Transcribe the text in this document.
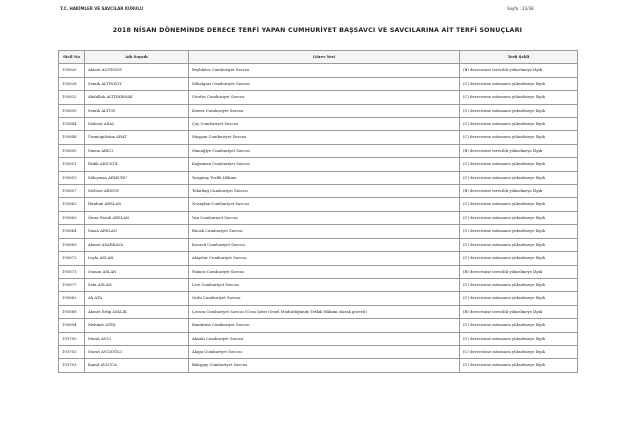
T.C. HAKİMLER VE SAVCILAR KURULU	Sayfa : 22/38
2018 NİSAN DÖNEMİNDE DERECE TERFİ YAPAN CUMHURİYET BAŞSAVCI VE SAVCILARINA AİT TERFİ SONUÇLARI
Sicil No	Adı Soyadı	Görev Yeri	Terfi Şekli
193620	Ahmet ALTINSOY	Beyliköva Cumhuriyet Savcısı	(B) derecesine terecihli yükselmeye lâyık
193628	Semih ALTINSOY	Mihalgazi Cumhuriyet Savcısı	(C) derecesine müsmaen yükselmeye lâyık
193632	Abdullah ALTIPARMAK	Gördes Cumhuriyet Savcısı	(C) derecesine müsmaen yükselmeye lâyık
193639	Semih ALTUN	Kemer Cumhuriyet Savcısı	(C) derecesine müsmaen yükselmeye lâyık
193644	Mahsut ARAL	Çay Cumhuriyet Savcısı	(C) derecesine müsmaen yükselmeye lâyık
193646	Ümmügülsüm ARAT	Muşgan Cumhuriyet Savcısı	(C) derecesine müsmaen yükselmeye lâyık
193650	Sinem ARICI	Manuğlye Cumhuriyet Savcısı	(B) derecesine terecihli yükselmeye lâyık
193651	Fadik ARICIGİL	Kağızman Cumhuriyet Savcısı	(C) derecesine müsmaen yükselmeye lâyık
193653	Süleyman ARIKURU	Yozgatay Terfik Hâkimi	(C) derecesine müsmaen yükselmeye lâyık
193657	Meltem ARISOY	Tekirdağ Cumhuriyet Savcısı	(B) derecesine terecihli yükselmeye lâyık
193662	İbrahim ARSLAN	Nusaybin Cumhuriyet Savcısı	(C) derecesine müsmaen yükselmeye lâyık
193663	Ömer Faruk ARSLAN	Van Cumhuriyet Savcısı	(C) derecesine müsmaen yükselmeye lâyık
193664	Sinan ARSLAN	Bucak Cumhuriyet Savcısı	(C) derecesine müsmaen yükselmeye lâyık
193669	Ahmet ASARKAYA	Kocaeli Cumhuriyet Savcısı	(C) derecesine müsmaen yükselmeye lâyık
193672	Leyla ASLAN	Alaşehir Cumhuriyet Savcısı	(C) derecesine müsmaen yükselmeye lâyık
193673	Osman ASLAN	Palmez Cumhuriyet Savcısı	(B) derecesine terecihli yükselmeye lâyık
193677	Sefa ASLAN	Lice Cumhuriyet Savcısı	(C) derecesine müsmaen yükselmeye lâyık
193682	Ali ATA	Ordu Cumhuriyet Savcısı	(C) derecesine müsmaen yükselmeye lâyık
193688	Ahmet Erlip ATALIK	Çorum Cumhuriyet Savcısı (Ceza İşleri Genel Müdürlüğünde Tetkik Hâkimi olarak görevli)	(B) derecesine terecihli yükselmeye lâyık
193694	Mehmet ATEŞ	Bandırma Cumhuriyet Savcısı	(C) derecesine müsmaen yükselmeye lâyık
193700	Murat AVCI	Aksaki Cumhuriyet Savcısı	(C) derecesine müsmaen yükselmeye lâyık
193702	Murat AVCIOĞLU	Alapıi Cumhuriyet Savcısı	(C) derecesine müsmaen yükselmeye lâyık
193703	Kamil AVLUCA	Balışgay Cumhuriyet Savcısı	(C) derecesine müsmaen yükselmeye lâyık
